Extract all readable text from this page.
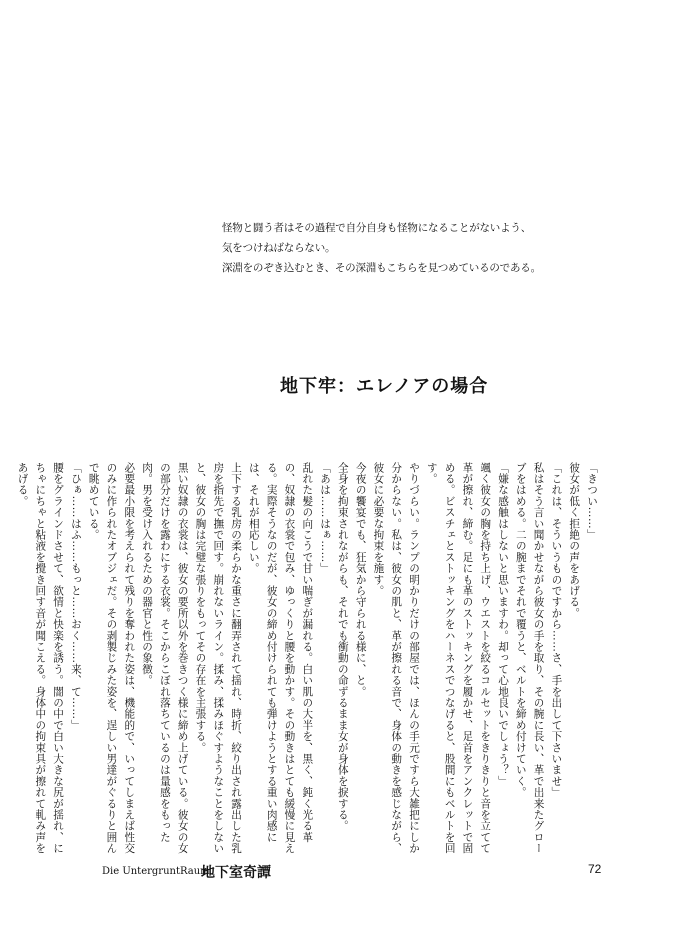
怪物と闘う者はその過程で自分自身も怪物になることがないよう、

気をつけねばならない。

深淵をのぞき込むとき、その深淵もこちらを見つめているのである。

地下牢：エレノアの場合

「きつい……」

彼女が低く拒絶の声をあげる。

「これは、そういうものですから……さ、手を出して下さいませ」

私はそう言い聞かせながら彼女の手を取り、その腕に長い、革で出来たグローブをはめる。二の腕までそれで覆うと、ベルトを締め付けていく。

「嫌な感触はしないと思いますわ。却って心地良いでしょう？」

颯く彼女の胸を持ち上げ、ウエストを絞るコルセットをきりきりと音を立てて革が擦れ、締む。足にも革のストッキングを履かせ、足首をアンクレットで固める。ビスチェとストッキングをハーネスでつなげると、股間にもベルトを回す。

やりづらい。ランプの明かりだけの部屋では、ほんの手元ですら大雑把にしか分からない。私は、彼女の肌と、革が擦れる音で、身体の動きを感じながら、彼女に必要な拘束を施す。

今夜の饗宴でも、狂気から守られる様に、と。

全身を拘束されながらも、それでも衝動の命ずるまま女が身体を捩する。

「あは……はぁ……」

乱れた髪の向こうで甘い喘ぎが漏れる。白い肌の大半を、黒く、鈍く光る革の、奴隷の衣裳で包み、ゆっくりと腰を動かす。その動きはとても緩慢に見える。実際そうなのだが、彼女の締め付けられても弾けようとする重い肉感には、それが相応しい。

上下する乳房の柔らかな重さに翻弄されて揺れ、時折、絞り出され露出した乳房を指先で撫で回す。崩れないライン。揉み、揉みほぐすようなことをしないと、彼女の胸は完璧な張りをもってその存在を主張する。

黒い奴隷の衣裳は、彼女の要所以外を巻きつく様に締め上げている。彼女の女の部分だけを露わにする衣裳。そこからこぼれ落ちているのは量感をもった肉。男を受け入れるための器官と性の象徴。

必要最小限を考えられて残りを奪われた姿は、機能的で、いってしまえば性交のみに作られたオブジェだ。その剥製じみた姿を、逞しい男達がぐるりと囲んで眺めている。

「ひぁ……はふ……もっと……おく……来、て……」

腰をグラインドさせて、欲情と快楽を誘う。闇の中で白い大きな尻が揺れ、にちゃにちゃと粘液を攪き回す音が聞こえる。身体中の拘束具が擦れて軋み声をあげる。

Die UntergruntRaum
地下室奇譚	72
